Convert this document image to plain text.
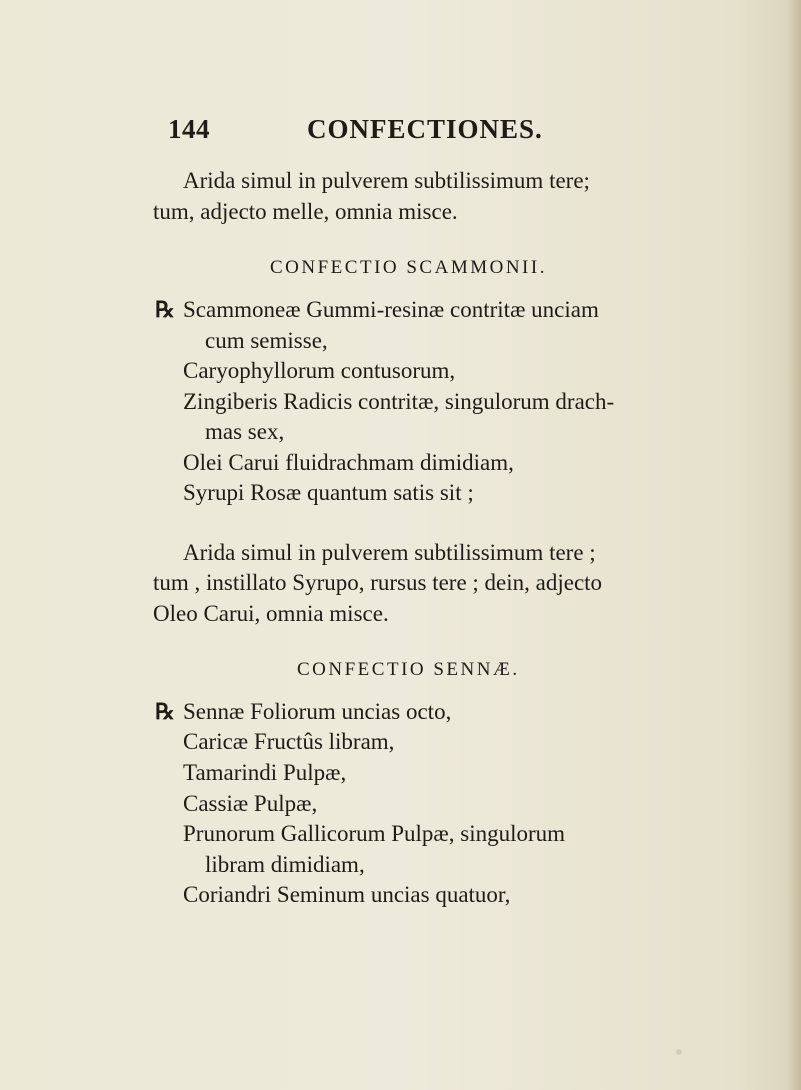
144	CONFECTIONES.
Arida simul in pulverem subtilissimum tere;
tum, adjecto melle, omnia misce.
CONFECTIO SCAMMONII.
℞ Scammoneæ Gummi-resinæ contritæ unciam
cum semisse,
Caryophyllorum contusorum,
Zingiberis Radicis contritæ, singulorum drach-
mas sex,
Olei Carui fluidrachmam dimidiam,
Syrupi Rosæ quantum satis sit ;
Arida simul in pulverem subtilissimum tere ;
tum , instillato Syrupo, rursus tere ; dein, adjecto
Oleo Carui, omnia misce.
CONFECTIO SENNÆ.
℞ Sennæ Foliorum uncias octo,
Caricæ Fructûs libram,
Tamarindi Pulpæ,
Cassiæ Pulpæ,
Prunorum Gallicorum Pulpæ, singulorum
libram dimidiam,
Coriandri Seminum uncias quatuor,
